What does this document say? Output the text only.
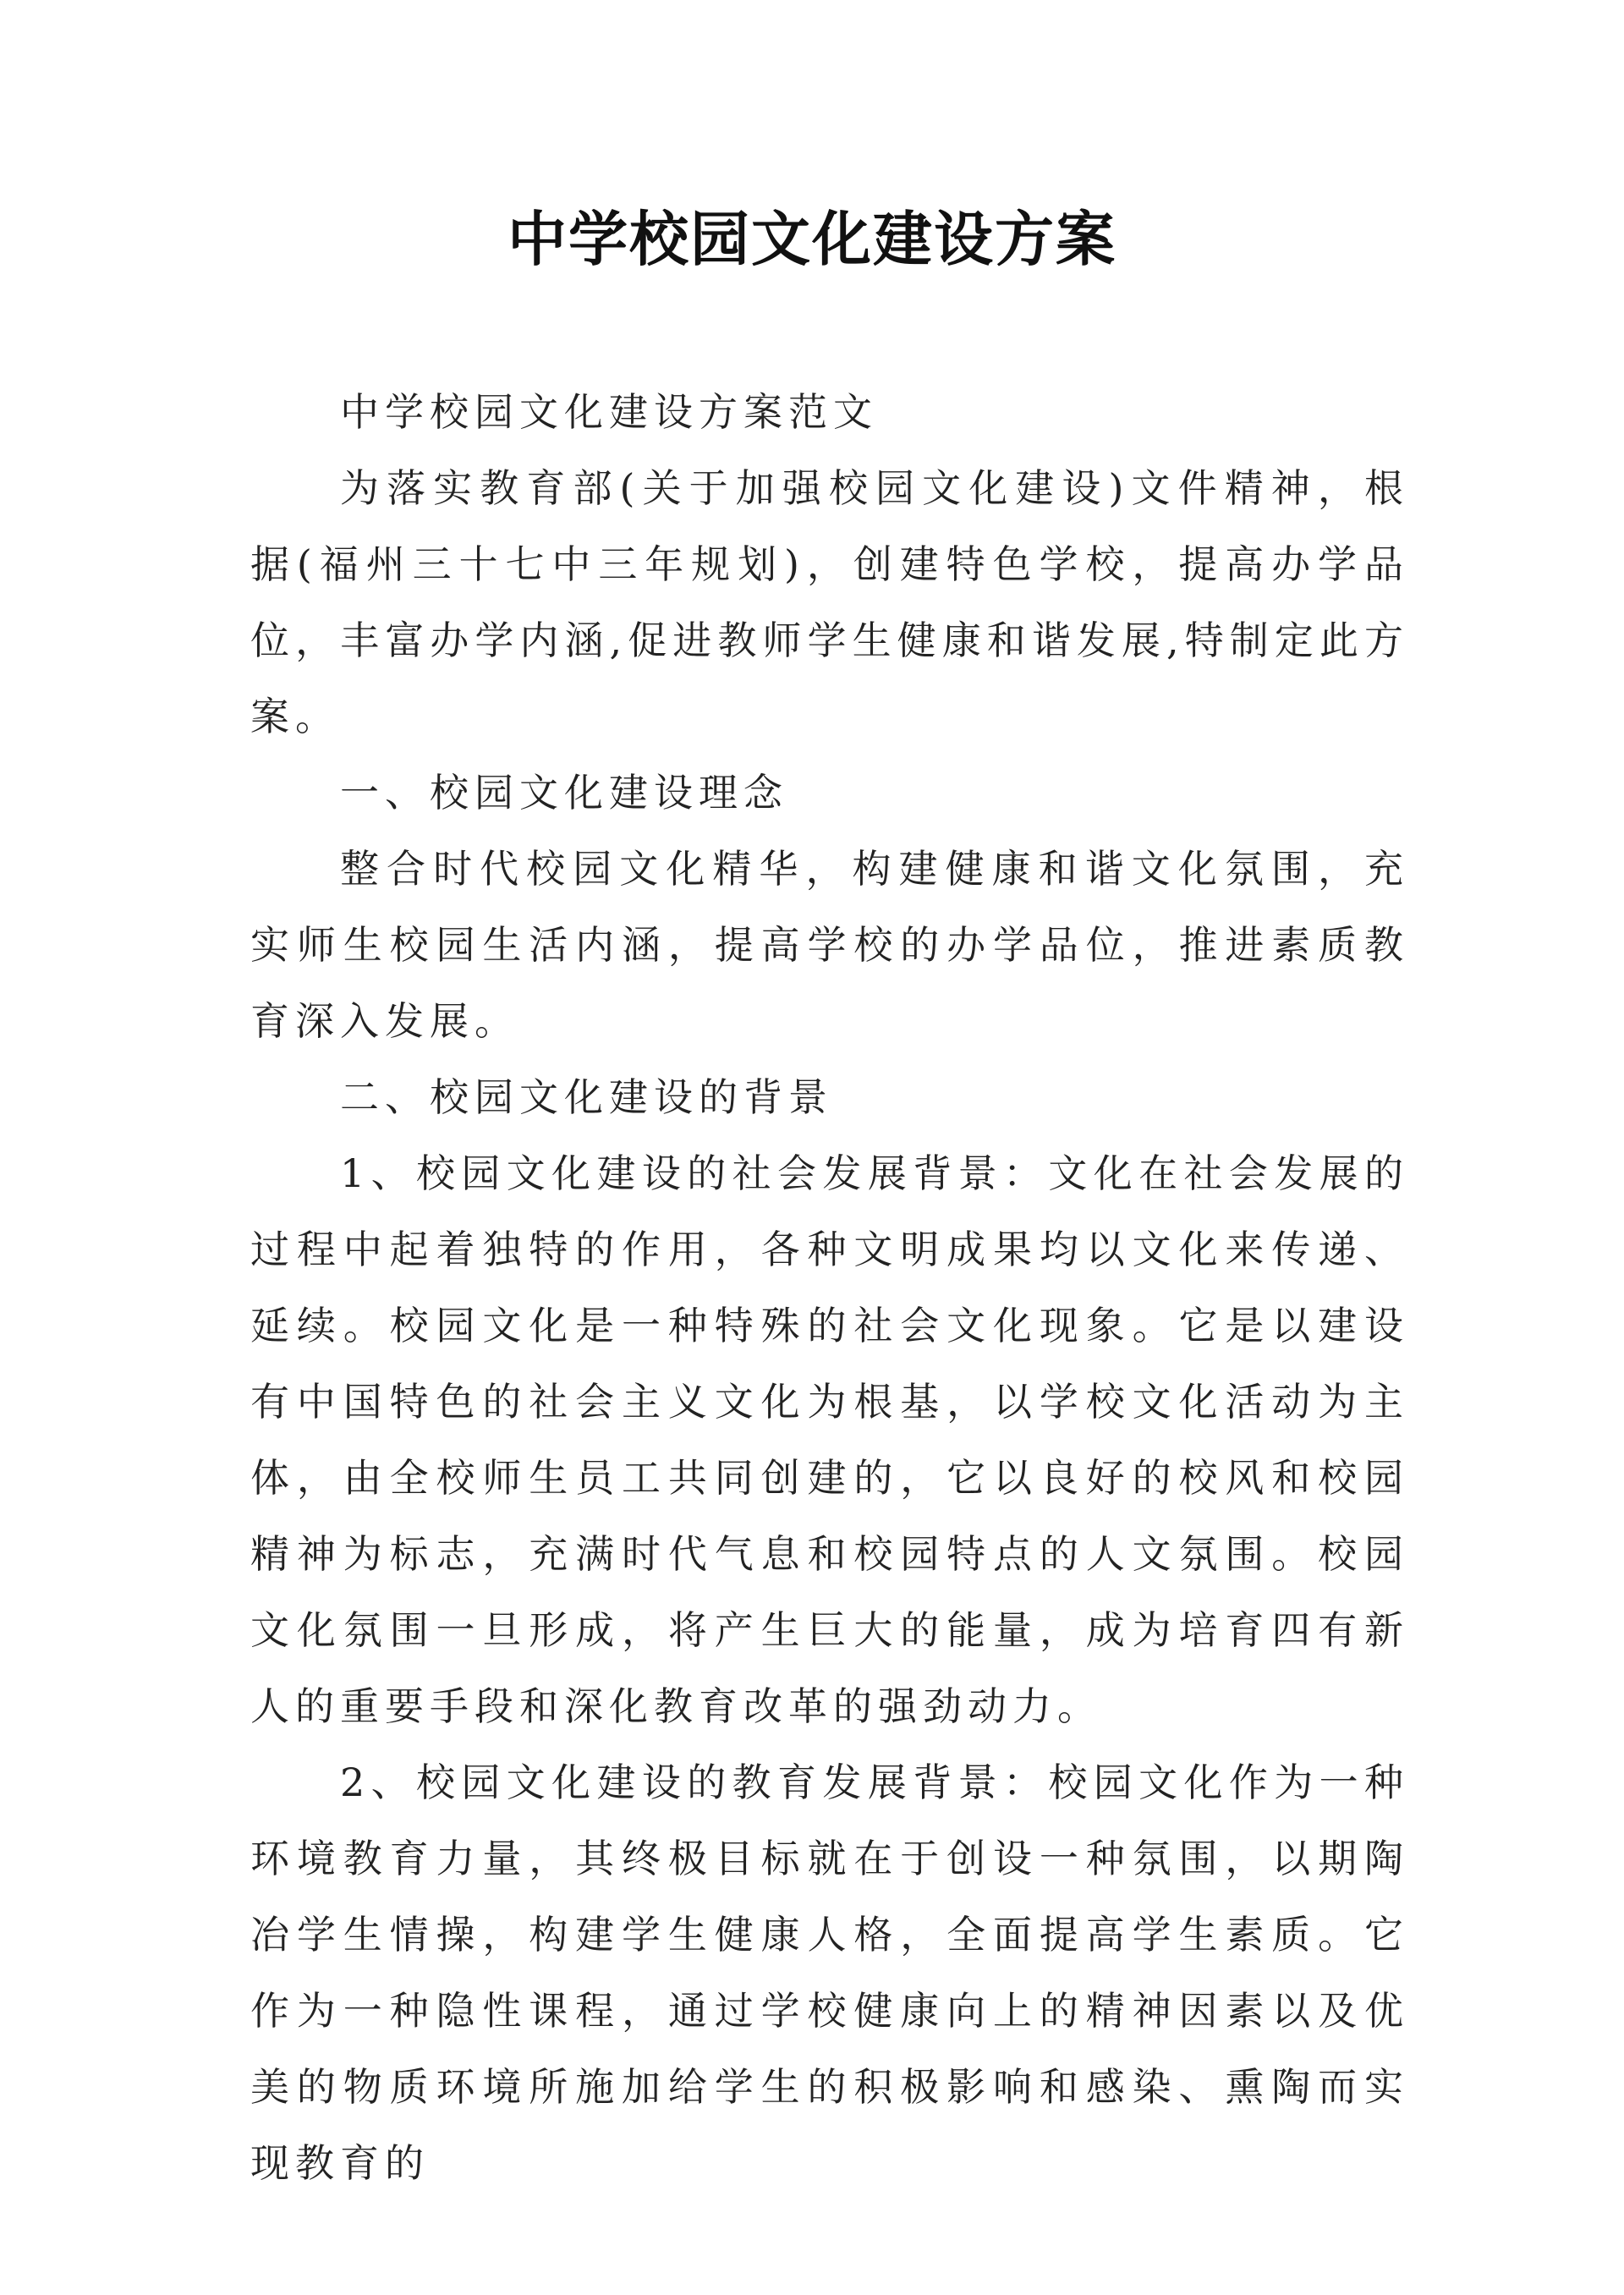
中学校园文化建设方案

中学校园文化建设方案范文

为落实教育部(关于加强校园文化建设)文件精神，根据(福州三十七中三年规划)，创建特色学校，提高办学品位，丰富办学内涵,促进教师学生健康和谐发展,特制定此方案。

一、校园文化建设理念

整合时代校园文化精华，构建健康和谐文化氛围，充实师生校园生活内涵，提高学校的办学品位，推进素质教育深入发展。

二、校园文化建设的背景

1、校园文化建设的社会发展背景：文化在社会发展的过程中起着独特的作用，各种文明成果均以文化来传递、延续。校园文化是一种特殊的社会文化现象。它是以建设有中国特色的社会主义文化为根基，以学校文化活动为主体，由全校师生员工共同创建的，它以良好的校风和校园精神为标志，充满时代气息和校园特点的人文氛围。校园文化氛围一旦形成，将产生巨大的能量，成为培育四有新人的重要手段和深化教育改革的强劲动力。

2、校园文化建设的教育发展背景：校园文化作为一种环境教育力量，其终极目标就在于创设一种氛围，以期陶冶学生情操，构建学生健康人格，全面提高学生素质。它作为一种隐性课程，通过学校健康向上的精神因素以及优美的物质环境所施加给学生的积极影响和感染、熏陶而实现教育的
